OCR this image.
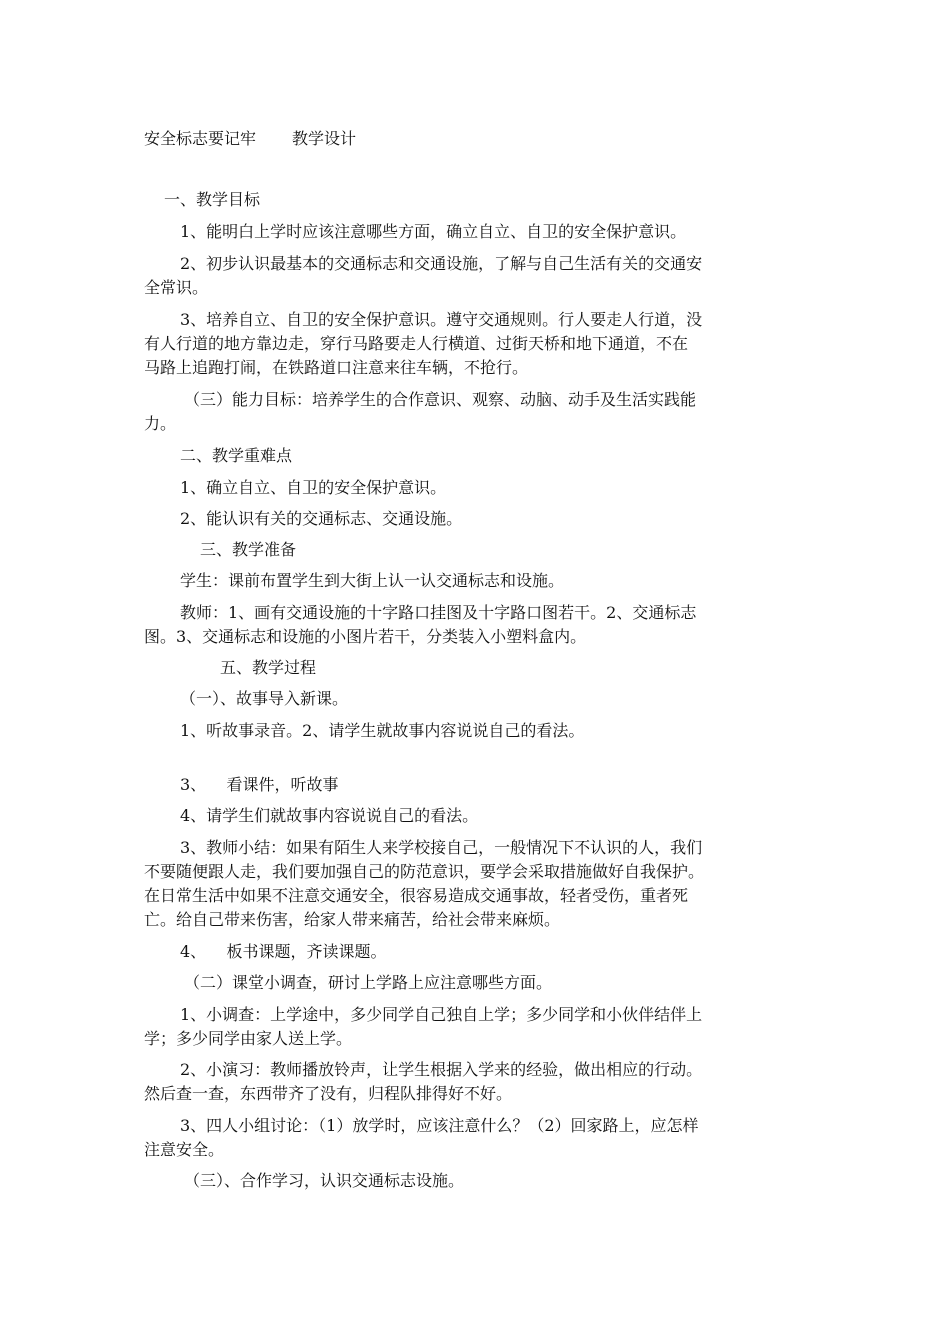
安全标志要记牢 教学设计
一、教学目标
1、能明白上学时应该注意哪些方面，确立自立、自卫的安全保护意识。
2、初步认识最基本的交通标志和交通设施，了解与自己生活有关的交通安
全常识。
3、培养自立、自卫的安全保护意识。遵守交通规则。行人要走人行道，没
有人行道的地方靠边走，穿行马路要走人行横道、过街天桥和地下通道，不在
马路上追跑打闹，在铁路道口注意来往车辆，不抢行。
（三）能力目标：培养学生的合作意识、观察、动脑、动手及生活实践能
力。
二、教学重难点
1、确立自立、自卫的安全保护意识。
2、能认识有关的交通标志、交通设施。
三、教学准备
学生：课前布置学生到大街上认一认交通标志和设施。
教师：1、画有交通设施的十字路口挂图及十字路口图若干。2、交通标志
图。3、交通标志和设施的小图片若干，分类装入小塑料盒内。
五、教学过程
（一）、故事导入新课。
1、听故事录音。2、请学生就故事内容说说自己的看法。
3、    看课件，听故事
4、请学生们就故事内容说说自己的看法。
3、教师小结：如果有陌生人来学校接自己，一般情况下不认识的人，我们
不要随便跟人走，我们要加强自己的防范意识，要学会采取措施做好自我保护。
在日常生活中如果不注意交通安全，很容易造成交通事故，轻者受伤，重者死
亡。给自己带来伤害，给家人带来痛苦，给社会带来麻烦。
4、    板书课题，齐读课题。
（二）课堂小调查，研讨上学路上应注意哪些方面。
1、小调查：上学途中，多少同学自己独自上学；多少同学和小伙伴结伴上
学；多少同学由家人送上学。
2、小演习：教师播放铃声，让学生根据入学来的经验，做出相应的行动。
然后查一查，东西带齐了没有，归程队排得好不好。
3、四人小组讨论：（1）放学时，应该注意什么？（2）回家路上，应怎样
注意安全。
（三）、合作学习，认识交通标志设施。
